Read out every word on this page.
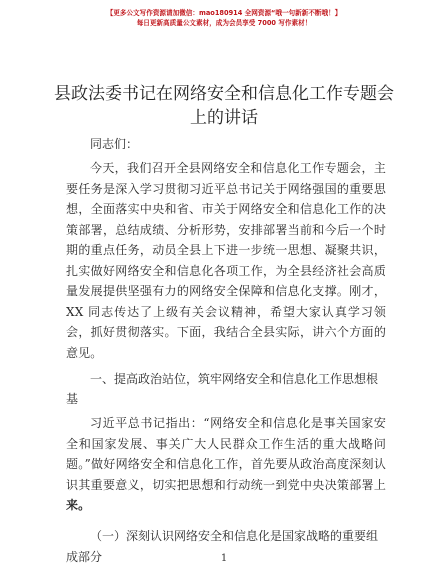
【更多公文写作资源请加微信：mao180914 全网资源“哦一句新新不断哦！】
每日更新高质量公文素材，成为会员享受 7000 写作素材！
县政法委书记在网络安全和信息化工作专题会上的讲话

同志们：

今天，我们召开全县网络安全和信息化工作专题会，主要任务是深入学习贯彻习近平总书记关于网络强国的重要思想，全面落实中央和省、市关于网络安全和信息化工作的决策部署，总结成绩、分析形势，安排部署当前和今后一个时期的重点任务，动员全县上下进一步统一思想、凝聚共识，扎实做好网络安全和信息化各项工作，为全县经济社会高质量发展提供坚强有力的网络安全保障和信息化支撑。刚才，XX 同志传达了上级有关会议精神，希望大家认真学习领会，抓好贯彻落实。下面，我结合全县实际，讲六个方面的意见。

一、提高政治站位，筑牢网络安全和信息化工作思想根基

习近平总书记指出：“网络安全和信息化是事关国家安全和国家发展、事关广大人民群众工作生活的重大战略问题。”做好网络安全和信息化工作，首先要从政治高度深刻认识其重要意义，切实把思想和行动统一到党中央决策部署上来。

（一）深刻认识网络安全和信息化是国家战略的重要组成部分	1
